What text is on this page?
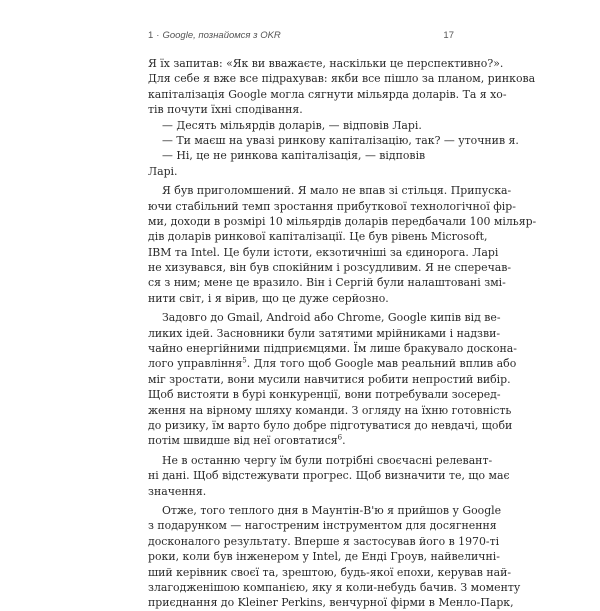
1 · Google, познайомся з OKR	17
Я їх запитав: «Як ви вважаєте, наскільки це перспективно?».
Для себе я вже все підрахував: якби все пішло за планом, ринкова
капіталізація Google могла сягнути мільярда доларів. Та я хо-
тів почути їхні сподівання.
— Десять мільярдів доларів, — відповів Ларі.
— Ти маєш на увазі ринкову капіталізацію, так? — уточнив я.
— Ні, це не ринкова капіталізація, — відповів
Ларі.
Я був приголомшений. Я мало не впав зі стільця. Припуска-
ючи стабільний темп зростання прибуткової технологічної фір-
ми, доходи в розмірі 10 мільярдів доларів передбачали 100 мільяр-
дів доларів ринкової капіталізації. Це був рівень Microsoft,
IBM та Intel. Це були істоти, екзотичніші за єдинорога. Ларі
не хизувався, він був спокійним і розсудливим. Я не сперечав-
ся з ним; мене це вразило. Він і Сергій були налаштовані змі-
нити світ, і я вірив, що це дуже серйозно.
Задовго до Gmail, Android або Chrome, Google кипів від ве-
ликих ідей. Засновники були затятими мрійниками і надзви-
чайно енергійними підприємцями. Їм лише бракувало доскона-
лого управління$^5$. Для того щоб Google мав реальний вплив або
міг зростати, вони мусили навчитися робити непростий вибір.
Щоб вистояти в бурі конкуренції, вони потребували зосеред-
ження на вірному шляху команди. З огляду на їхню готовність
до ризику, їм варто було добре підготуватися до невдачі, щоби
потім швидше від неї оговтатися$^6$.
Не в останню чергу їм були потрібні своєчасні релевант-
ні дані. Щоб відстежувати прогрес. Щоб визначити те, що має
значення.
Отже, того теплого дня в Маунтін-В'ю я прийшов у Google
з подарунком — нагостреним інструментом для досягнення
досконалого результату. Вперше я застосував його в 1970-ті
роки, коли був інженером у Intel, де Енді Гроув, найвеличні-
ший керівник своєї та, зрештою, будь-якої епохи, керував най-
злагодженішою компанією, яку я коли-небудь бачив. З моменту
приєднання до Kleiner Perkins, венчурної фірми в Менло-Парк,
